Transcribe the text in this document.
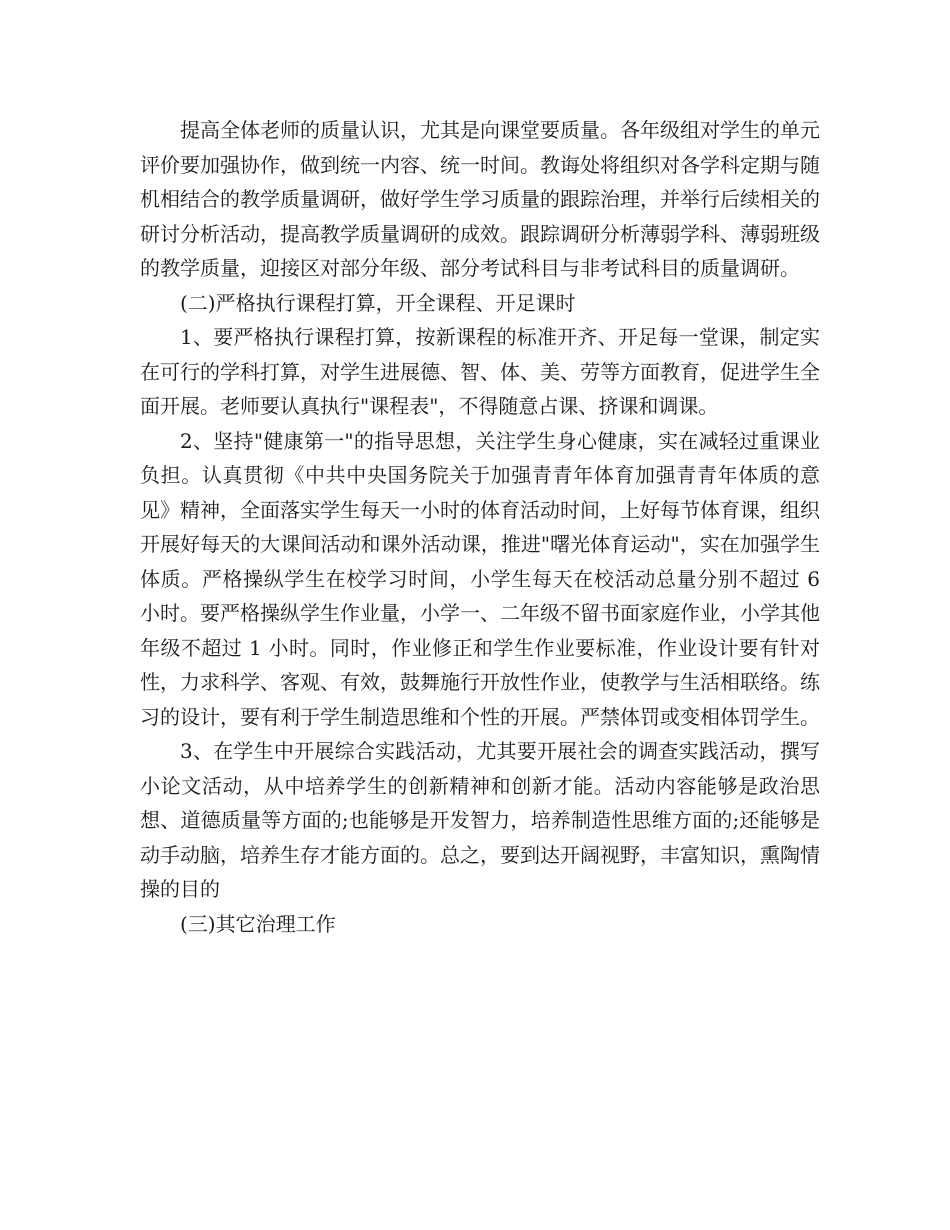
提高全体老师的质量认识，尤其是向课堂要质量。各年级组对学生的单元评价要加强协作，做到统一内容、统一时间。教诲处将组织对各学科定期与随机相结合的教学质量调研，做好学生学习质量的跟踪治理，并举行后续相关的研讨分析活动，提高教学质量调研的成效。跟踪调研分析薄弱学科、薄弱班级的教学质量，迎接区对部分年级、部分考试科目与非考试科目的质量调研。

(二)严格执行课程打算，开全课程、开足课时

1、要严格执行课程打算，按新课程的标准开齐、开足每一堂课，制定实在可行的学科打算，对学生进展德、智、体、美、劳等方面教育，促进学生全面开展。老师要认真执行"课程表"，不得随意占课、挤课和调课。

2、坚持"健康第一"的指导思想，关注学生身心健康，实在减轻过重课业负担。认真贯彻《中共中央国务院关于加强青青年体育加强青青年体质的意见》精神，全面落实学生每天一小时的体育活动时间，上好每节体育课，组织开展好每天的大课间活动和课外活动课，推进"曙光体育运动"，实在加强学生体质。严格操纵学生在校学习时间，小学生每天在校活动总量分别不超过 6 小时。要严格操纵学生作业量，小学一、二年级不留书面家庭作业，小学其他年级不超过 1 小时。同时，作业修正和学生作业要标准，作业设计要有针对性，力求科学、客观、有效，鼓舞施行开放性作业，使教学与生活相联络。练习的设计，要有利于学生制造思维和个性的开展。严禁体罚或变相体罚学生。

3、在学生中开展综合实践活动，尤其要开展社会的调查实践活动，撰写小论文活动，从中培养学生的创新精神和创新才能。活动内容能够是政治思想、道德质量等方面的;也能够是开发智力，培养制造性思维方面的;还能够是动手动脑，培养生存才能方面的。总之，要到达开阔视野，丰富知识，熏陶情操的目的

(三)其它治理工作
